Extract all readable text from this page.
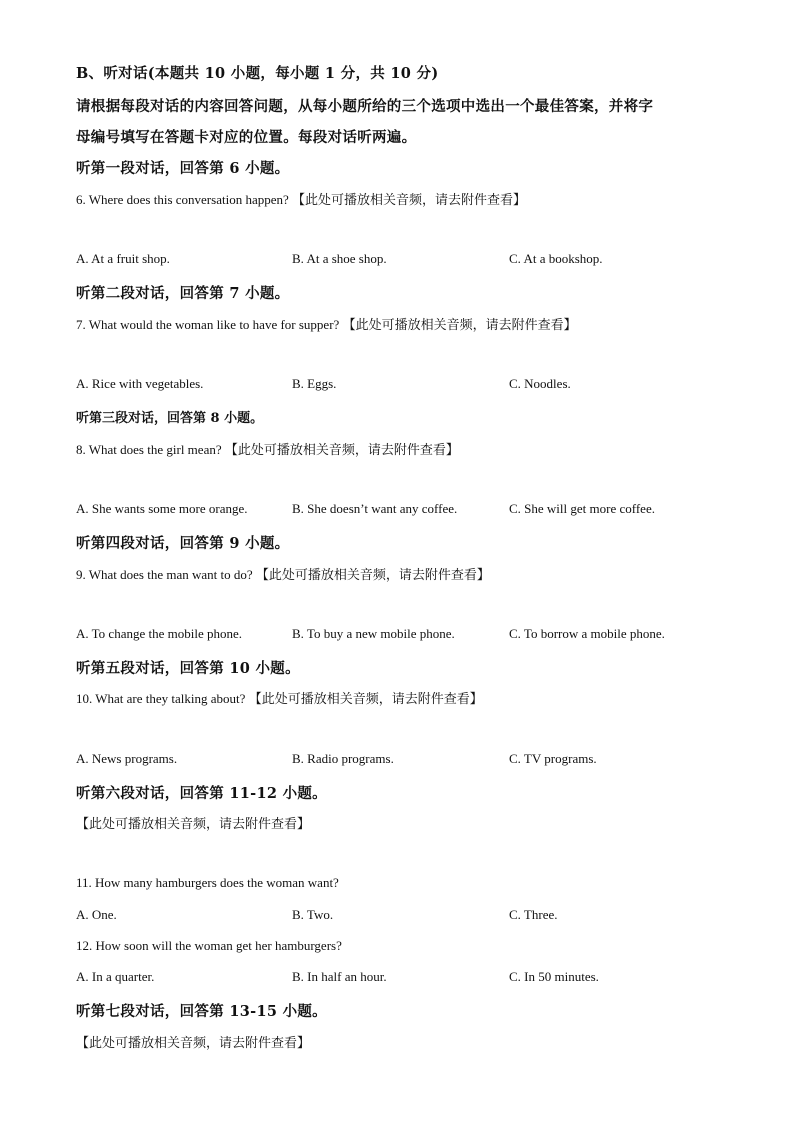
B、听对话(本题共 10 小题，每小题 1 分，共 10 分)
请根据每段对话的内容回答问题，从每小题所给的三个选项中选出一个最佳答案，并将字
母编号填写在答题卡对应的位置。每段对话听两遍。
听第一段对话，回答第 6 小题。
6. Where does this conversation happen? 【此处可播放相关音频，请去附件查看】
A. At a fruit shop.	B. At a shoe shop.	C. At a bookshop.
听第二段对话，回答第 7 小题。
7. What would the woman like to have for supper? 【此处可播放相关音频，请去附件查看】
A. Rice with vegetables.	B. Eggs.	C. Noodles.
听第三段对话，回答第 8 小题。
8. What does the girl mean? 【此处可播放相关音频，请去附件查看】
A. She wants some more orange.	B. She doesn’t want any coffee.	C. She will get more coffee.
听第四段对话，回答第 9 小题。
9. What does the man want to do? 【此处可播放相关音频，请去附件查看】
A. To change the mobile phone.	B. To buy a new mobile phone.	C. To borrow a mobile phone.
听第五段对话，回答第 10 小题。
10. What are they talking about? 【此处可播放相关音频，请去附件查看】
A. News programs.	B. Radio programs.	C. TV programs.
听第六段对话，回答第 11-12 小题。
【此处可播放相关音频，请去附件查看】
11. How many hamburgers does the woman want?
A. One.	B. Two.	C. Three.
12. How soon will the woman get her hamburgers?
A. In a quarter.	B. In half an hour.	C. In 50 minutes.
听第七段对话，回答第 13-15 小题。
【此处可播放相关音频，请去附件查看】
